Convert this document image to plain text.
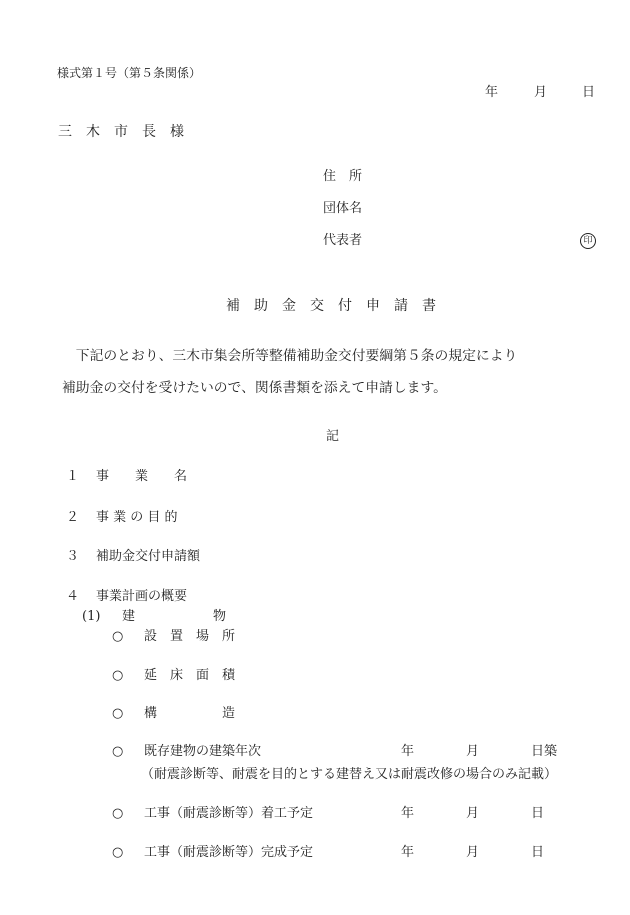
様式第１号（第５条関係）
年	月	日
三　木　市　長　様
住　所
団体名
代表者	印
補　助　金　交　付　申　請　書
　下記のとおり、三木市集会所等整備補助金交付要綱第５条の規定により
補助金の交付を受けたいので、関係書類を添えて申請します。
記
１ 事　　業　　名
２ 事 業 の 目 的
３ 補助金交付申請額
４ 事業計画の概要
(1) 建　　　　　　物
○ 設　置　場　所
○ 延　床　面　積
○ 構　　　　　造
○ 既存建物の建築年次	年	月	日築
（耐震診断等、耐震を目的とする建替え又は耐震改修の場合のみ記載）
○ 工事（耐震診断等）着工予定	年	月	日
○ 工事（耐震診断等）完成予定	年	月	日
